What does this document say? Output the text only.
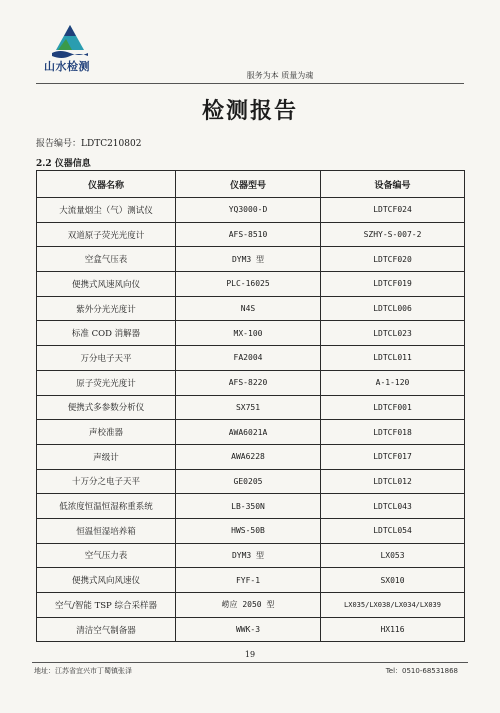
山水检测
服务为本 质量为魂
检测报告
报告编号：LDTC210802
2.2 仪器信息
仪器名称	仪器型号	设备编号
大流量烟尘（气）测试仪	YQ3000-D	LDTCF024
双道原子荧光光度计	AFS-8510	SZHY-S-007-2
空盒气压表	DYM3 型	LDTCF020
便携式风速风向仪	PLC-16025	LDTCF019
紫外分光光度计	N4S	LDTCL006
标准 COD 消解器	MX-100	LDTCL023
万分电子天平	FA2004	LDTCL011
原子荧光光度计	AFS-8220	A-1-120
便携式多参数分析仪	SX751	LDTCF001
声校准器	AWA6021A	LDTCF018
声级计	AWA6228	LDTCF017
十万分之电子天平	GE0205	LDTCL012
低浓度恒温恒湿称重系统	LB-350N	LDTCL043
恒温恒湿培养箱	HWS-50B	LDTCL054
空气压力表	DYM3 型	LX053
便携式风向风速仪	FYF-1	SX010
空气/智能 TSP 综合采样器	崂应 2050 型	LX035/LX038/LX034/LX039
清洁空气制备器	WWK-3	HX116
19
地址：江苏省宜兴市丁蜀镇张泽	Tel：0510-68531868
